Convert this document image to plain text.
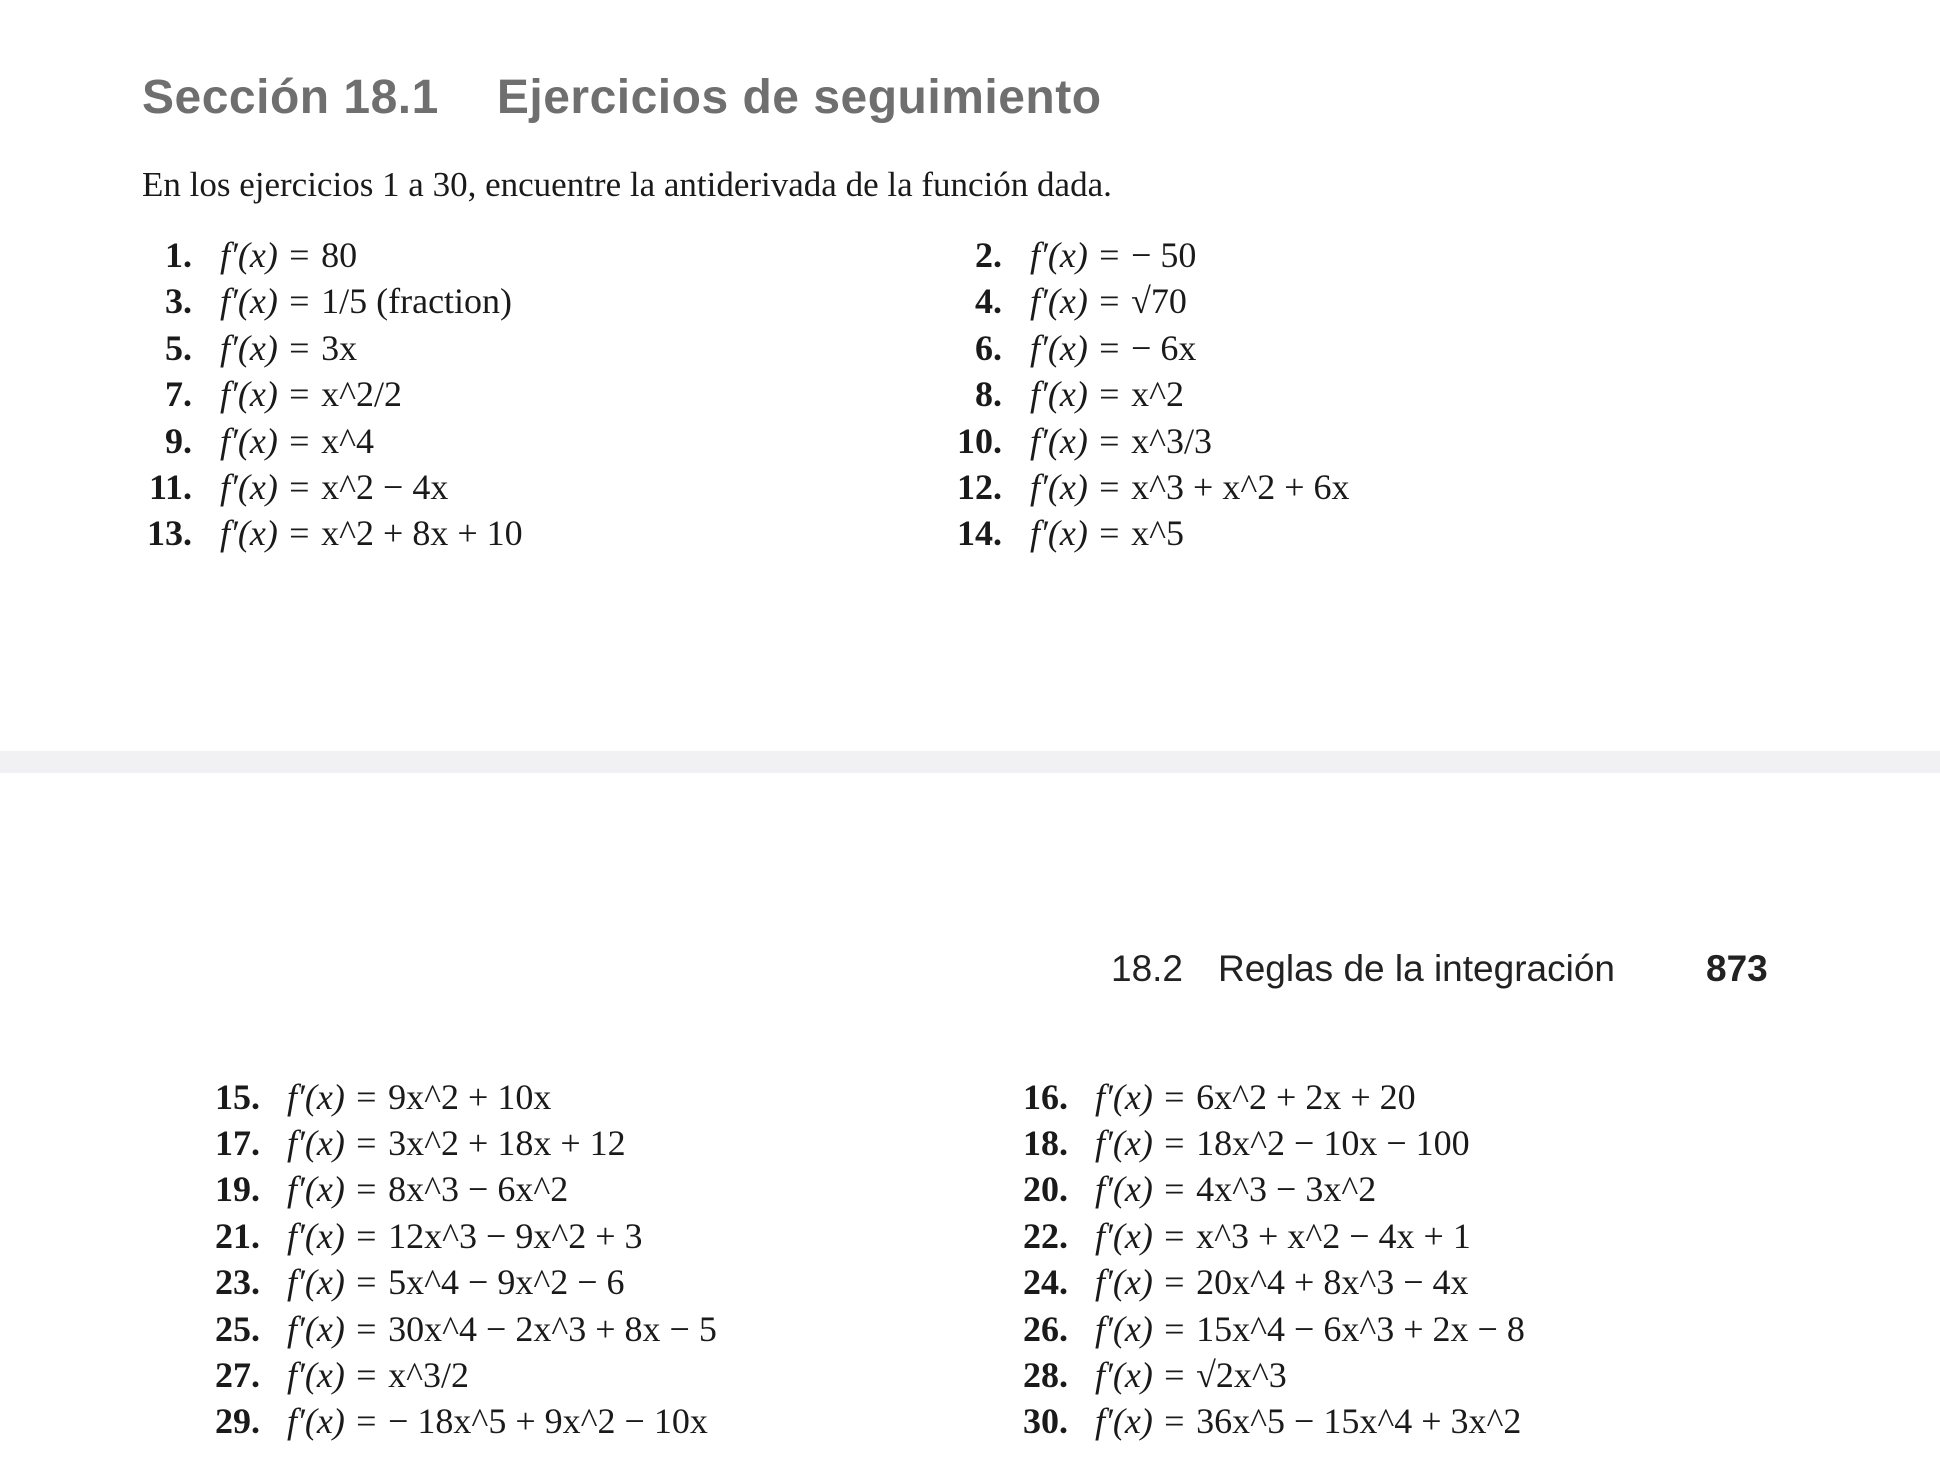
Sección 18.1 Ejercicios de seguimiento
En los ejercicios 1 a 30, encuentre la antiderivada de la función dada.
1. f′(x) = 80	2. f′(x) = − 50
3. f′(x) = 1/5 (fraction)	4. f′(x) = √70
5. f′(x) = 3x	6. f′(x) = − 6x
7. f′(x) = x^2/2	8. f′(x) = x^2
9. f′(x) = x^4	10. f′(x) = x^3/3
11. f′(x) = x^2 − 4x	12. f′(x) = x^3 + x^2 + 6x
13. f′(x) = x^2 + 8x + 10	14. f′(x) = x^5
15. f′(x) = 9x^2 + 10x	16. f′(x) = 6x^2 + 2x + 20
17. f′(x) = 3x^2 + 18x + 12	18. f′(x) = 18x^2 − 10x − 100
19. f′(x) = 8x^3 − 6x^2	20. f′(x) = 4x^3 − 3x^2
21. f′(x) = 12x^3 − 9x^2 + 3	22. f′(x) = x^3 + x^2 − 4x + 1
23. f′(x) = 5x^4 − 9x^2 − 6	24. f′(x) = 20x^4 + 8x^3 − 4x
25. f′(x) = 30x^4 − 2x^3 + 8x − 5	26. f′(x) = 15x^4 − 6x^3 + 2x − 8
27. f′(x) = x^3/2	28. f′(x) = √2x^3
29. f′(x) = − 18x^5 + 9x^2 − 10x	30. f′(x) = 36x^5 − 15x^4 + 3x^2
18.2 Reglas de la integración 873
